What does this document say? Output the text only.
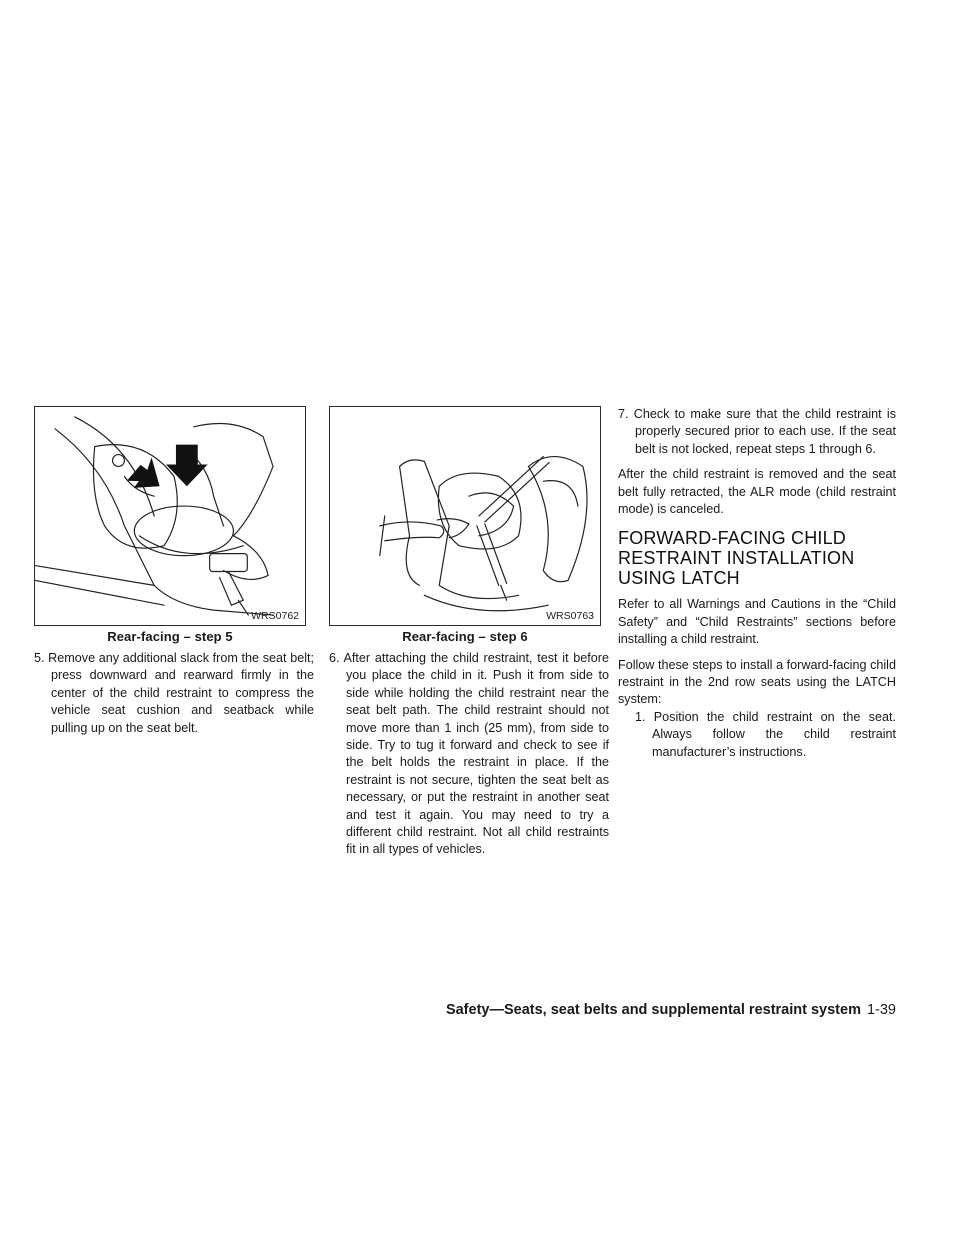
WRS0762
Rear-facing – step 5

5. Remove any additional slack from the seat belt; press downward and rearward firmly in the center of the child restraint to compress the vehicle seat cushion and seatback while pulling up on the seat belt.

WRS0763
Rear-facing – step 6

6. After attaching the child restraint, test it before you place the child in it. Push it from side to side while holding the child restraint near the seat belt path. The child restraint should not move more than 1 inch (25 mm), from side to side. Try to tug it forward and check to see if the belt holds the restraint in place. If the restraint is not secure, tighten the seat belt as necessary, or put the restraint in another seat and test it again. You may need to try a different child restraint. Not all child restraints fit in all types of vehicles.

7. Check to make sure that the child restraint is properly secured prior to each use. If the seat belt is not locked, repeat steps 1 through 6.

After the child restraint is removed and the seat belt fully retracted, the ALR mode (child restraint mode) is canceled.

FORWARD-FACING CHILD RESTRAINT INSTALLATION USING LATCH

Refer to all Warnings and Cautions in the “Child Safety” and “Child Restraints” sections before installing a child restraint.

Follow these steps to install a forward-facing child restraint in the 2nd row seats using the LATCH system:

1. Position the child restraint on the seat. Always follow the child restraint manufacturer’s instructions.

Safety—Seats, seat belts and supplemental restraint system 1-39
